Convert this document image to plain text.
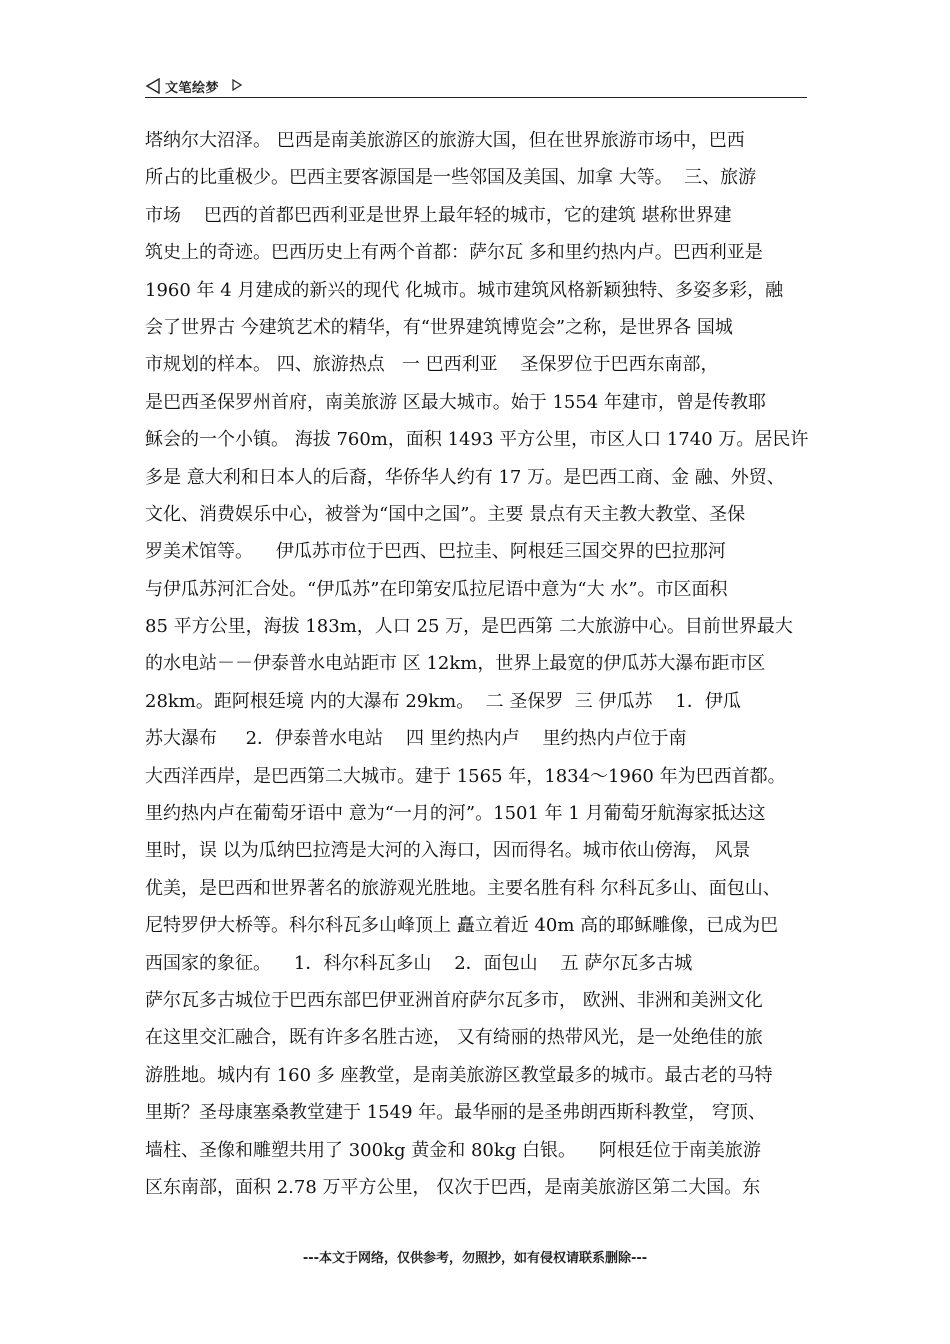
文笔绘梦
塔纳尔大沼泽。 巴西是南美旅游区的旅游大国，但在世界旅游市场中，巴西
所占的比重极少。巴西主要客源国是一些邻国及美国、加拿 大等。  三、旅游
市场    巴西的首都巴西利亚是世界上最年轻的城市，它的建筑 堪称世界建
筑史上的奇迹。巴西历史上有两个首都：萨尔瓦 多和里约热内卢。巴西利亚是
1960 年 4 月建成的新兴的现代 化城市。城市建筑风格新颖独特、多姿多彩，融
会了世界古 今建筑艺术的精华，有“世界建筑博览会”之称，是世界各 国城
市规划的样本。 四、旅游热点   一 巴西利亚    圣保罗位于巴西东南部，
是巴西圣保罗州首府，南美旅游 区最大城市。始于 1554 年建市，曾是传教耶
稣会的一个小镇。 海拔 760m，面积 1493 平方公里，市区人口 1740 万。居民许
多是 意大利和日本人的后裔，华侨华人约有 17 万。是巴西工商、金 融、外贸、
文化、消费娱乐中心，被誉为“国中之国”。主要 景点有天主教大教堂、圣保
罗美术馆等。    伊瓜苏市位于巴西、巴拉圭、阿根廷三国交界的巴拉那河
与伊瓜苏河汇合处。“伊瓜苏”在印第安瓜拉尼语中意为“大 水”。市区面积
85 平方公里，海拔 183m，人口 25 万，是巴西第 二大旅游中心。目前世界最大
的水电站－－伊泰普水电站距市 区 12km，世界上最宽的伊瓜苏大瀑布距市区
28km。距阿根廷境 内的大瀑布 29km。  二 圣保罗  三 伊瓜苏    1．伊瓜
苏大瀑布     2．伊泰普水电站    四 里约热内卢    里约热内卢位于南
大西洋西岸，是巴西第二大城市。建于 1565 年，1834～1960 年为巴西首都。
里约热内卢在葡萄牙语中 意为“一月的河”。1501 年 1 月葡萄牙航海家抵达这
里时，误 以为瓜纳巴拉湾是大河的入海口，因而得名。城市依山傍海， 风景
优美，是巴西和世界著名的旅游观光胜地。主要名胜有科 尔科瓦多山、面包山、
尼特罗伊大桥等。科尔科瓦多山峰顶上 矗立着近 40m 高的耶稣雕像，已成为巴
西国家的象征。    1．科尔科瓦多山    2．面包山    五 萨尔瓦多古城
萨尔瓦多古城位于巴西东部巴伊亚洲首府萨尔瓦多市， 欧洲、非洲和美洲文化
在这里交汇融合，既有许多名胜古迹， 又有绮丽的热带风光，是一处绝佳的旅
游胜地。城内有 160 多 座教堂，是南美旅游区教堂最多的城市。最古老的马特
里斯？圣母康塞桑教堂建于 1549 年。最华丽的是圣弗朗西斯科教堂， 穹顶、
墙柱、圣像和雕塑共用了 300kg 黄金和 80kg 白银。    阿根廷位于南美旅游
区东南部，面积 2.78 万平方公里， 仅次于巴西，是南美旅游区第二大国。东
---本文于网络，仅供参考，勿照抄，如有侵权请联系删除---
